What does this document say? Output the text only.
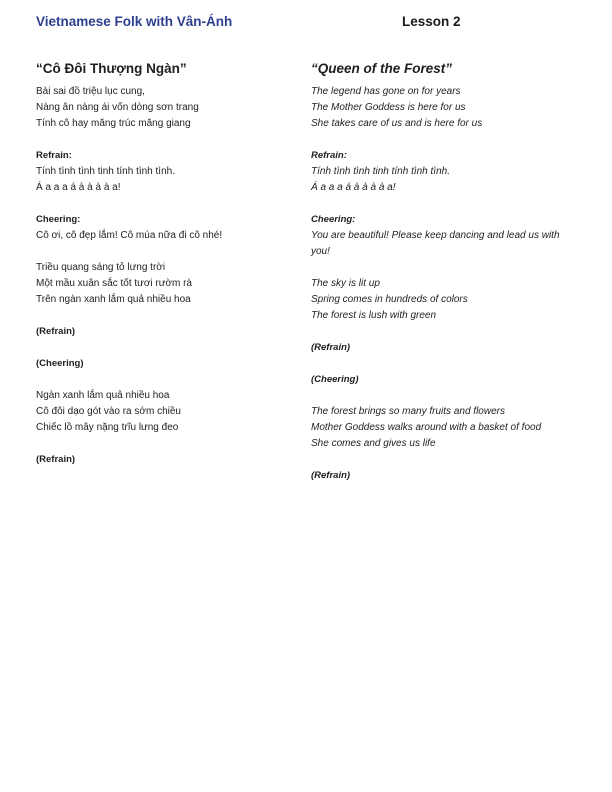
Vietnamese Folk with Vân-Ánh	Lesson 2
“Cô Đôi Thượng Ngàn”
Bài sai đồ triệu lục cung,
Nàng ân nàng ái vốn dòng sơn trang
Tính cô hay măng trúc măng giang
Refrain:
Tính tình tình tinh tính tình tình.
Á a a a á à à à à a!
Cheering:
Cô ơi, cô đẹp lắm! Cô múa nữa đi cô nhé!
Triều quang sáng tỏ lưng trời
Một mầu xuân sắc tốt tươi rườm rà
Trên ngàn xanh lắm quả nhiều hoa
(Refrain)
(Cheering)
Ngàn xanh lắm quả nhiều hoa
Cô đôi dạo gót vào ra sớm chiều
Chiếc lồ mây nặng trĩu lưng đeo
(Refrain)
“Queen of the Forest”
The legend has gone on for years
The Mother Goddess is here for us
She takes care of us and is here for us
Refrain:
Tính tình tình tinh tính tình tình.
Á a a a á à à à à a!
Cheering:
You are beautiful! Please keep dancing and lead us with you!
The sky is lit up
Spring comes in hundreds of colors
The forest is lush with green
(Refrain)
(Cheering)
The forest brings so many fruits and flowers
Mother Goddess walks around with a basket of food
She comes and gives us life
(Refrain)
